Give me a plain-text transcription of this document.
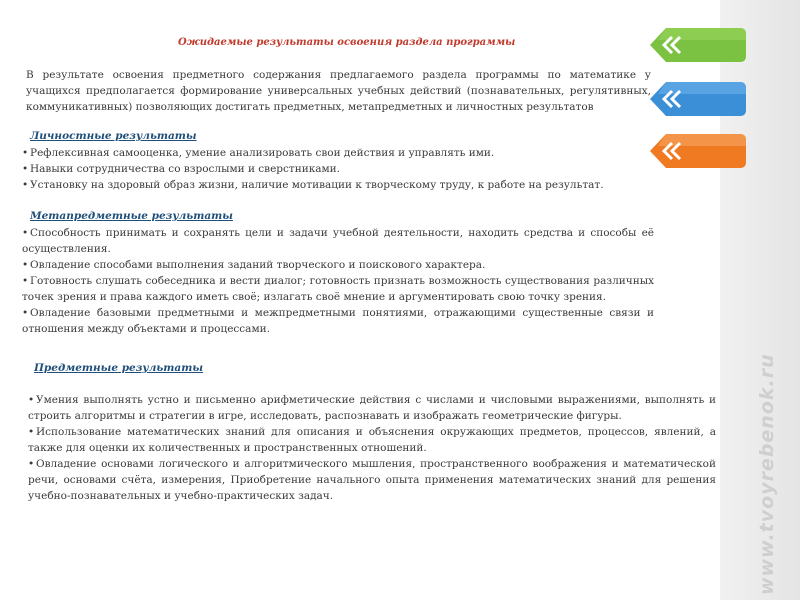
www.tvoyrebenok.ru
Ожидаемые результаты освоения раздела программы
В результате освоения предметного содержания предлагаемого раздела программы по математике у учащихся предполагается формирование универсальных учебных действий (познавательных, регулятивных, коммуникативных) позволяющих достигать предметных, метапредметных и личностных результатов
Личностные результаты
• Рефлексивная самооценка, умение анализировать свои действия и управлять ими.
• Навыки сотрудничества со взрослыми и сверстниками.
• Установку на здоровый образ жизни, наличие мотивации к творческому труду, к работе на результат.
Метапредметные результаты
• Способность принимать и сохранять цели и задачи учебной деятельности, находить средства и способы её осуществления.
• Овладение способами выполнения заданий творческого и поискового характера.
• Готовность слушать собеседника и вести диалог; готовность признать возможность существования различных точек зрения и права каждого иметь своё; излагать своё мнение и аргументировать свою точку зрения.
• Овладение базовыми предметными и межпредметными понятиями, отражающими существенные связи и отношения между объектами и процессами.
Предметные результаты
• Умения выполнять устно и письменно арифметические действия с числами и числовыми выражениями, выполнять и строить алгоритмы и стратегии в игре, исследовать, распознавать и изображать геометрические фигуры.
• Использование математических знаний для описания и объяснения окружающих предметов, процессов, явлений, а также для оценки их количественных и пространственных отношений.
• Овладение основами логического и алгоритмического мышления, пространственного воображения и математической речи, основами счёта, измерения, Приобретение начального опыта применения математических знаний для решения учебно-познавательных и учебно-практических задач.
